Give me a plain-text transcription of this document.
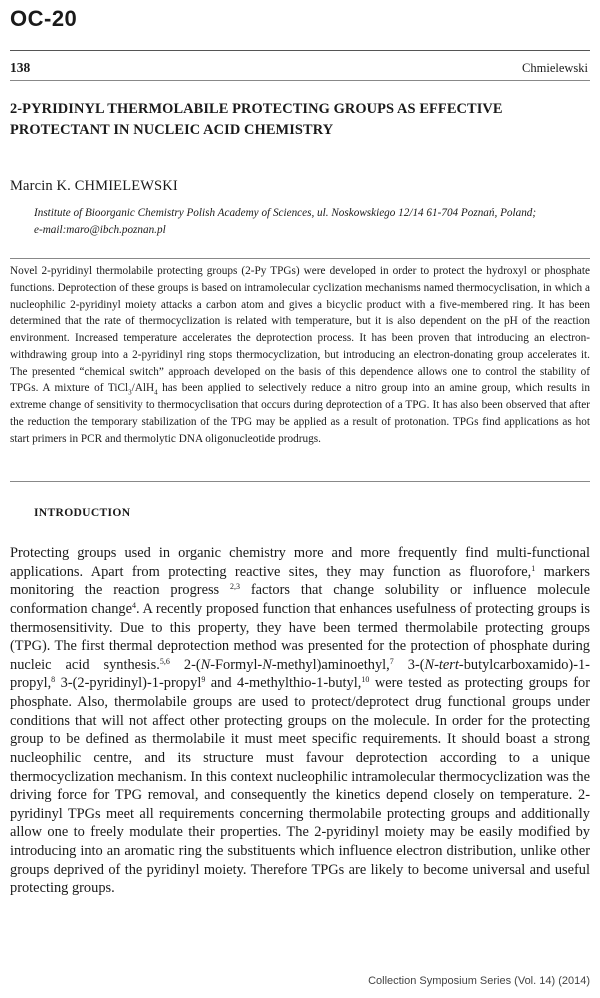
OC-20
138	Chmielewski
2-PYRIDINYL THERMOLABILE PROTECTING GROUPS AS EFFECTIVE
PROTECTANT IN NUCLEIC ACID CHEMISTRY
Marcin K. CHMIELEWSKI
Institute of Bioorganic Chemistry Polish Academy of Sciences, ul. Noskowskiego 12/14 61-704 Poznań, Poland;
e-mail:maro@ibch.poznan.pl
Novel 2-pyridinyl thermolabile protecting groups (2-Py TPGs) were developed in order to protect the hydroxyl or phosphate functions. Deprotection of these groups is based on intramolecular cyclization mechanisms named thermocyclisation, in which a nucleophilic 2-pyridinyl moiety attacks a carbon atom and gives a bicyclic product with a five-membered ring. It has been determined that the rate of thermocyclization is related with temperature, but it is also dependent on the pH of the reaction environment. Increased temperature accelerates the deprotection process. It has been proven that introducing an electron-withdrawing group into a 2-pyridinyl ring stops thermocyclization, but introducing an electron-donating group accelerates it. The presented “chemical switch” approach developed on the basis of this dependence allows one to control the stability of TPGs. A mixture of TiCl$_3$/AlH$_4$ has been applied to selectively reduce a nitro group into an amine group, which results in extreme change of sensitivity to thermocyclisation that occurs during deprotection of a TPG. It has also been observed that after the reduction the temporary stabilization of the TPG may be applied as a result of protonation. TPGs find applications as hot start primers in PCR and thermolytic DNA oligonucleotide prodrugs.
INTRODUCTION
Protecting groups used in organic chemistry more and more frequently find multi-functional applications. Apart from protecting reactive sites, they may function as fluorofore,$^1$ markers monitoring the reaction progress $^{2,3}$ factors that change solubility or influence molecule conformation change$^4$. A recently proposed function that enhances usefulness of protecting groups is thermosensitivity. Due to this property, they have been termed thermolabile protecting groups (TPG). The first thermal deprotection method was presented for the protection of phosphate during nucleic acid synthesis.$^{5,6}$ 2-(N-Formyl-N-methyl)aminoethyl,$^7$ 3-(N-tert-butylcarboxamido)-1-propyl,$^8$ 3-(2-pyridinyl)-1-propyl$^9$ and 4-methylthio-1-butyl,$^{10}$ were tested as protecting groups for phosphate. Also, thermolabile groups are used to protect/deprotect drug functional groups under conditions that will not affect other protecting groups on the molecule. In order for the protecting group to be defined as thermolabile it must meet specific requirements. It should boast a strong nucleophilic centre, and its structure must favour deprotection according to a unique thermocyclization mechanism. In this context nucleophilic intramolecular thermocyclization was the driving force for TPG removal, and consequently the kinetics depend closely on temperature. 2-pyridinyl TPGs meet all requirements concerning thermolabile protecting groups and additionally allow one to freely modulate their properties. The 2-pyridinyl moiety may be easily modified by introducing into an aromatic ring the substituents which influence electron distribution, unlike other groups deprived of the pyridinyl moiety. Therefore TPGs are likely to become universal and useful protecting groups.
Collection Symposium Series (Vol. 14) (2014)
